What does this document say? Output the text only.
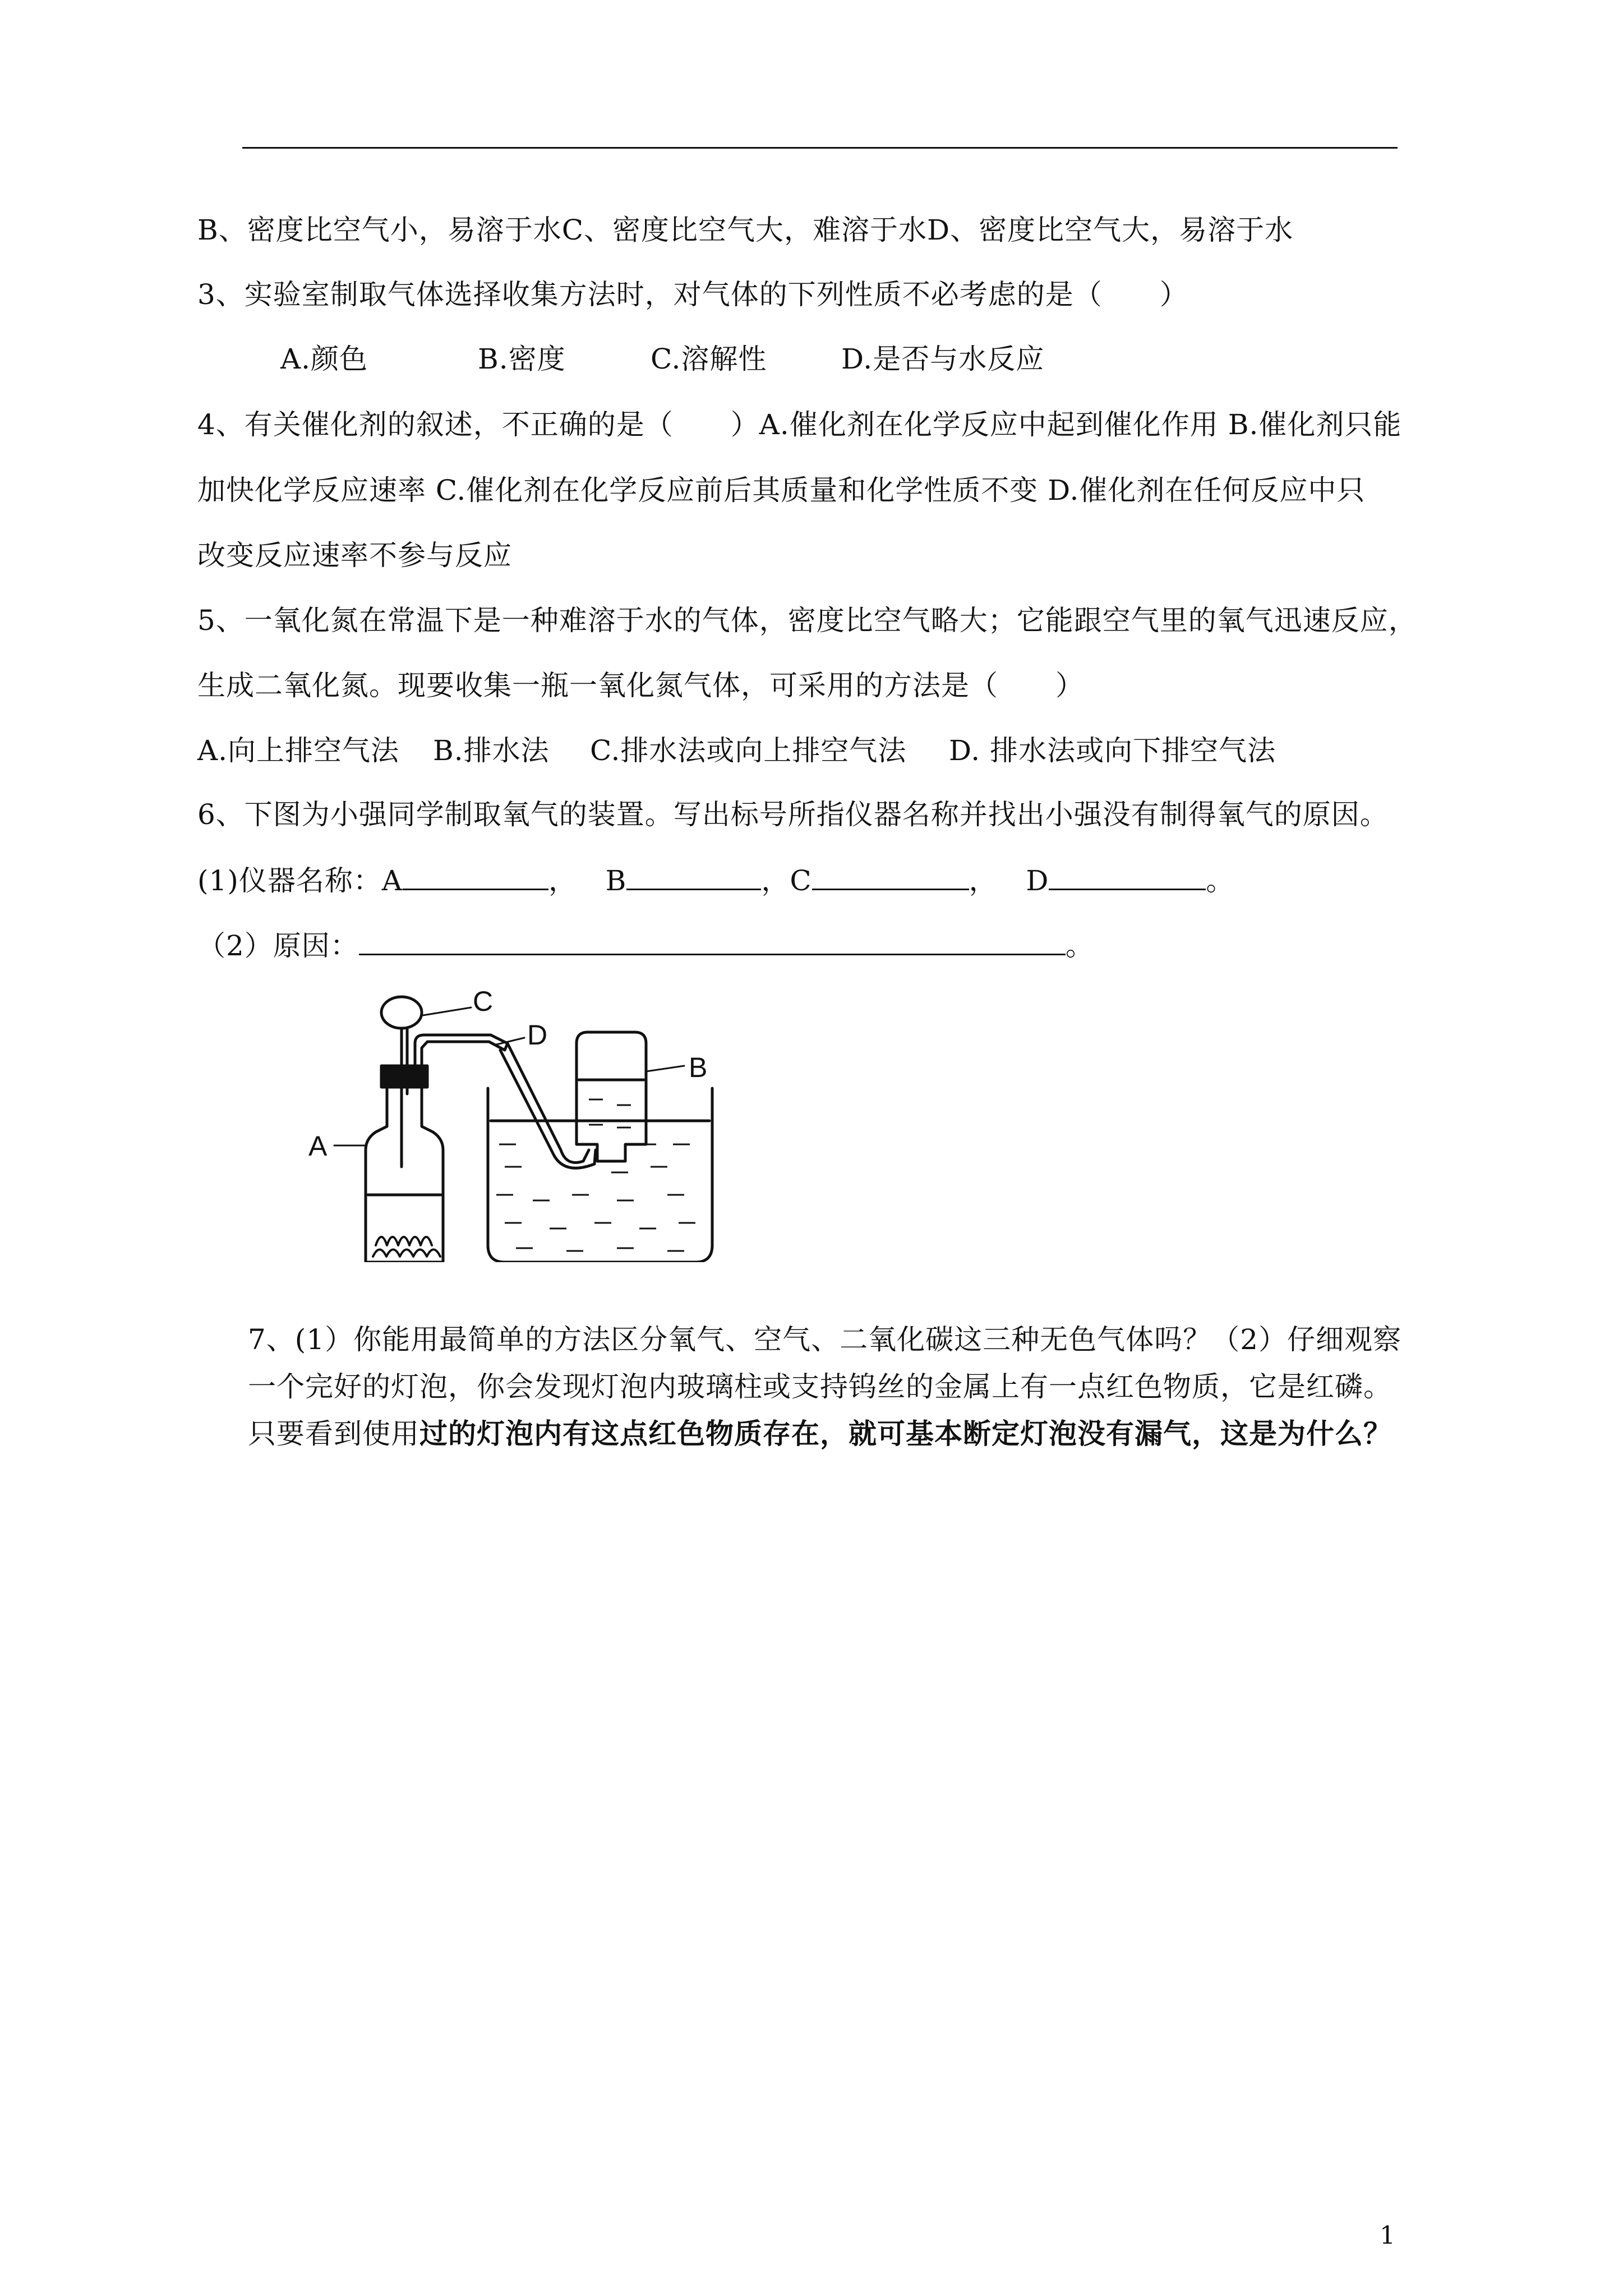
B、密度比空气小，易溶于水C、密度比空气大，难溶于水D、密度比空气大，易溶于水
3、实验室制取气体选择收集方法时，对气体的下列性质不必考虑的是（　　）
A.颜色	B.密度	C.溶解性	D.是否与水反应
4、有关催化剂的叙述，不正确的是（　　）A.催化剂在化学反应中起到催化作用 B.催化剂只能
加快化学反应速率 C.催化剂在化学反应前后其质量和化学性质不变 D.催化剂在任何反应中只
改变反应速率不参与反应
5、一氧化氮在常温下是一种难溶于水的气体，密度比空气略大；它能跟空气里的氧气迅速反应，
生成二氧化氮。现要收集一瓶一氧化氮气体，可采用的方法是（　　）
A.向上排空气法 B.排水法 C.排水法或向上排空气法 D. 排水法或向下排空气法
6、下图为小强同学制取氧气的装置。写出标号所指仪器名称并找出小强没有制得氧气的原因。
(1)仪器名称：A	，   B	，C	，   D	。
（2）原因：	。
C
D
B
A
7、(1）你能用最简单的方法区分氧气、空气、二氧化碳这三种无色气体吗？（2）仔细观察
一个完好的灯泡，你会发现灯泡内玻璃柱或支持钨丝的金属上有一点红色物质，它是红磷。
只要看到使用过的灯泡内有这点红色物质存在，就可基本断定灯泡没有漏气，这是为什么？
1
